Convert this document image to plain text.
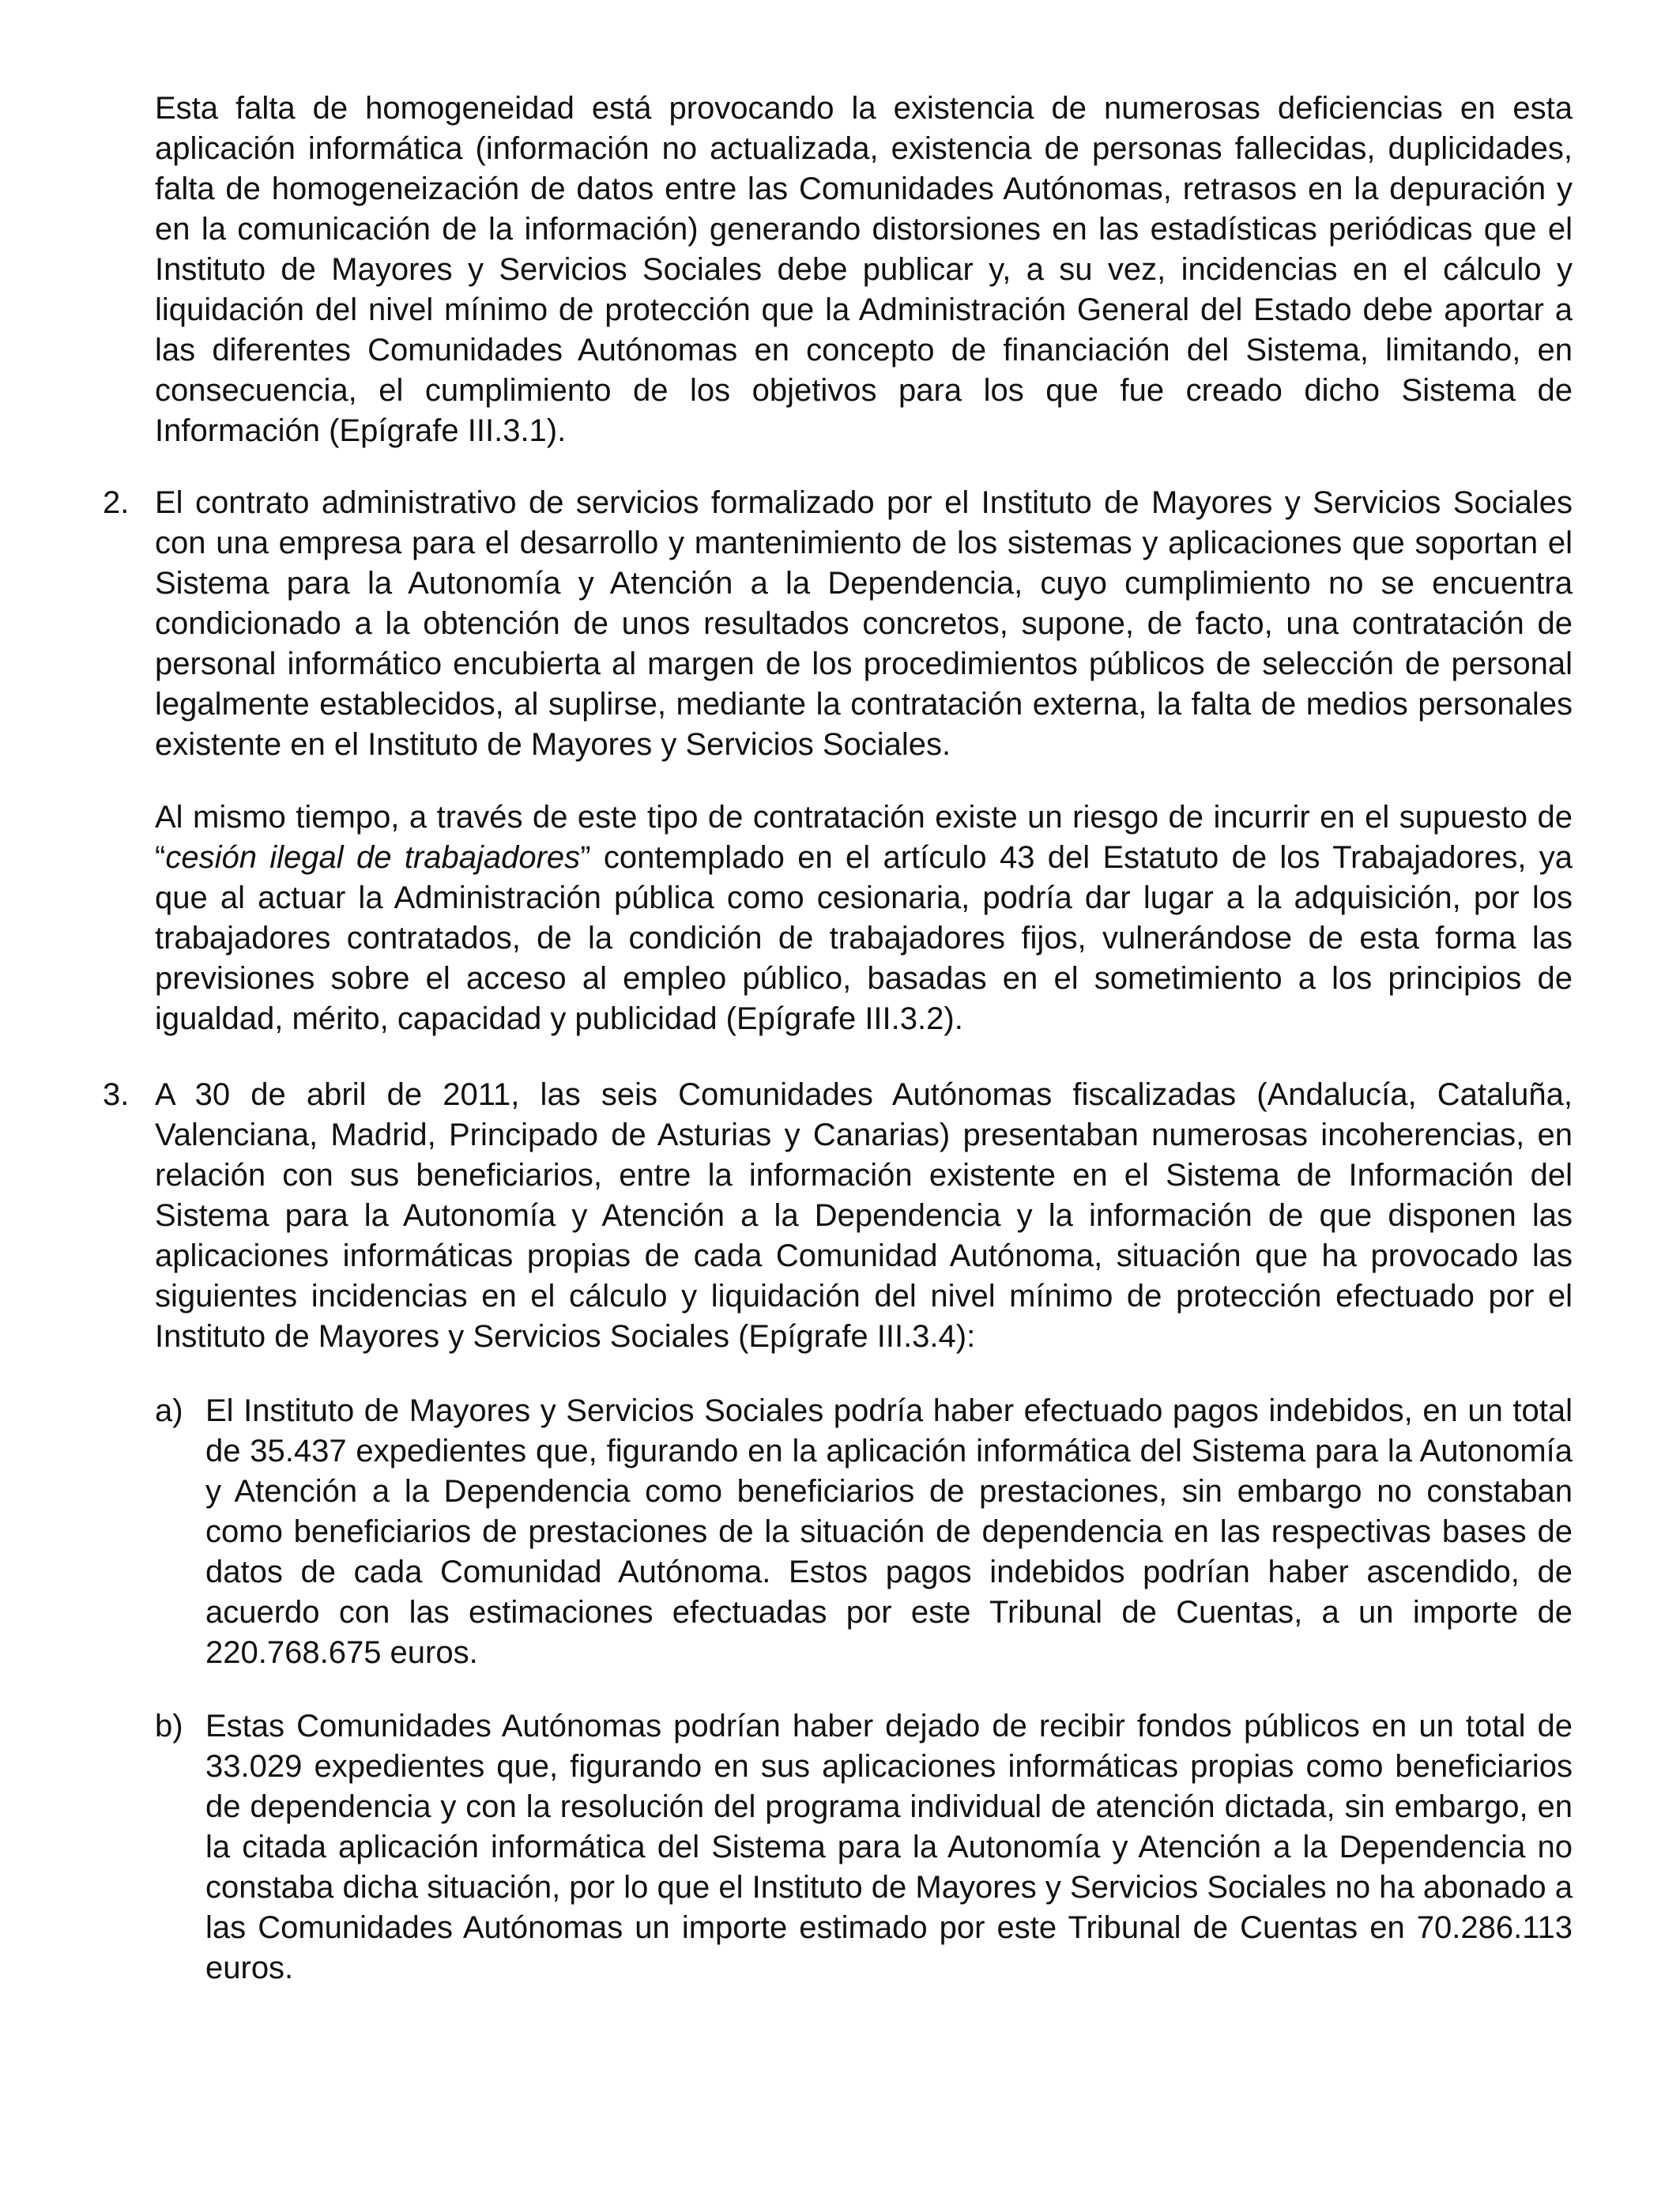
Esta falta de homogeneidad está provocando la existencia de numerosas deficiencias en esta aplicación informática (información no actualizada, existencia de personas fallecidas, duplicidades, falta de homogeneización de datos entre las Comunidades Autónomas, retrasos en la depuración y en la comunicación de la información) generando distorsiones en las estadísticas periódicas que el Instituto de Mayores y Servicios Sociales debe publicar y, a su vez, incidencias en el cálculo y liquidación del nivel mínimo de protección que la Administración General del Estado debe aportar a las diferentes Comunidades Autónomas en concepto de financiación del Sistema, limitando, en consecuencia, el cumplimiento de los objetivos para los que fue creado dicho Sistema de Información (Epígrafe III.3.1).

2. El contrato administrativo de servicios formalizado por el Instituto de Mayores y Servicios Sociales con una empresa para el desarrollo y mantenimiento de los sistemas y aplicaciones que soportan el Sistema para la Autonomía y Atención a la Dependencia, cuyo cumplimiento no se encuentra condicionado a la obtención de unos resultados concretos, supone, de facto, una contratación de personal informático encubierta al margen de los procedimientos públicos de selección de personal legalmente establecidos, al suplirse, mediante la contratación externa, la falta de medios personales existente en el Instituto de Mayores y Servicios Sociales.

Al mismo tiempo, a través de este tipo de contratación existe un riesgo de incurrir en el supuesto de “cesión ilegal de trabajadores” contemplado en el artículo 43 del Estatuto de los Trabajadores, ya que al actuar la Administración pública como cesionaria, podría dar lugar a la adquisición, por los trabajadores contratados, de la condición de trabajadores fijos, vulnerándose de esta forma las previsiones sobre el acceso al empleo público, basadas en el sometimiento a los principios de igualdad, mérito, capacidad y publicidad (Epígrafe III.3.2).

3. A 30 de abril de 2011, las seis Comunidades Autónomas fiscalizadas (Andalucía, Cataluña, Valenciana, Madrid, Principado de Asturias y Canarias) presentaban numerosas incoherencias, en relación con sus beneficiarios, entre la información existente en el Sistema de Información del Sistema para la Autonomía y Atención a la Dependencia y la información de que disponen las aplicaciones informáticas propias de cada Comunidad Autónoma, situación que ha provocado las siguientes incidencias en el cálculo y liquidación del nivel mínimo de protección efectuado por el Instituto de Mayores y Servicios Sociales (Epígrafe III.3.4):

a) El Instituto de Mayores y Servicios Sociales podría haber efectuado pagos indebidos, en un total de 35.437 expedientes que, figurando en la aplicación informática del Sistema para la Autonomía y Atención a la Dependencia como beneficiarios de prestaciones, sin embargo no constaban como beneficiarios de prestaciones de la situación de dependencia en las respectivas bases de datos de cada Comunidad Autónoma. Estos pagos indebidos podrían haber ascendido, de acuerdo con las estimaciones efectuadas por este Tribunal de Cuentas, a un importe de 220.768.675 euros.

b) Estas Comunidades Autónomas podrían haber dejado de recibir fondos públicos en un total de 33.029 expedientes que, figurando en sus aplicaciones informáticas propias como beneficiarios de dependencia y con la resolución del programa individual de atención dictada, sin embargo, en la citada aplicación informática del Sistema para la Autonomía y Atención a la Dependencia no constaba dicha situación, por lo que el Instituto de Mayores y Servicios Sociales no ha abonado a las Comunidades Autónomas un importe estimado por este Tribunal de Cuentas en 70.286.113 euros.
